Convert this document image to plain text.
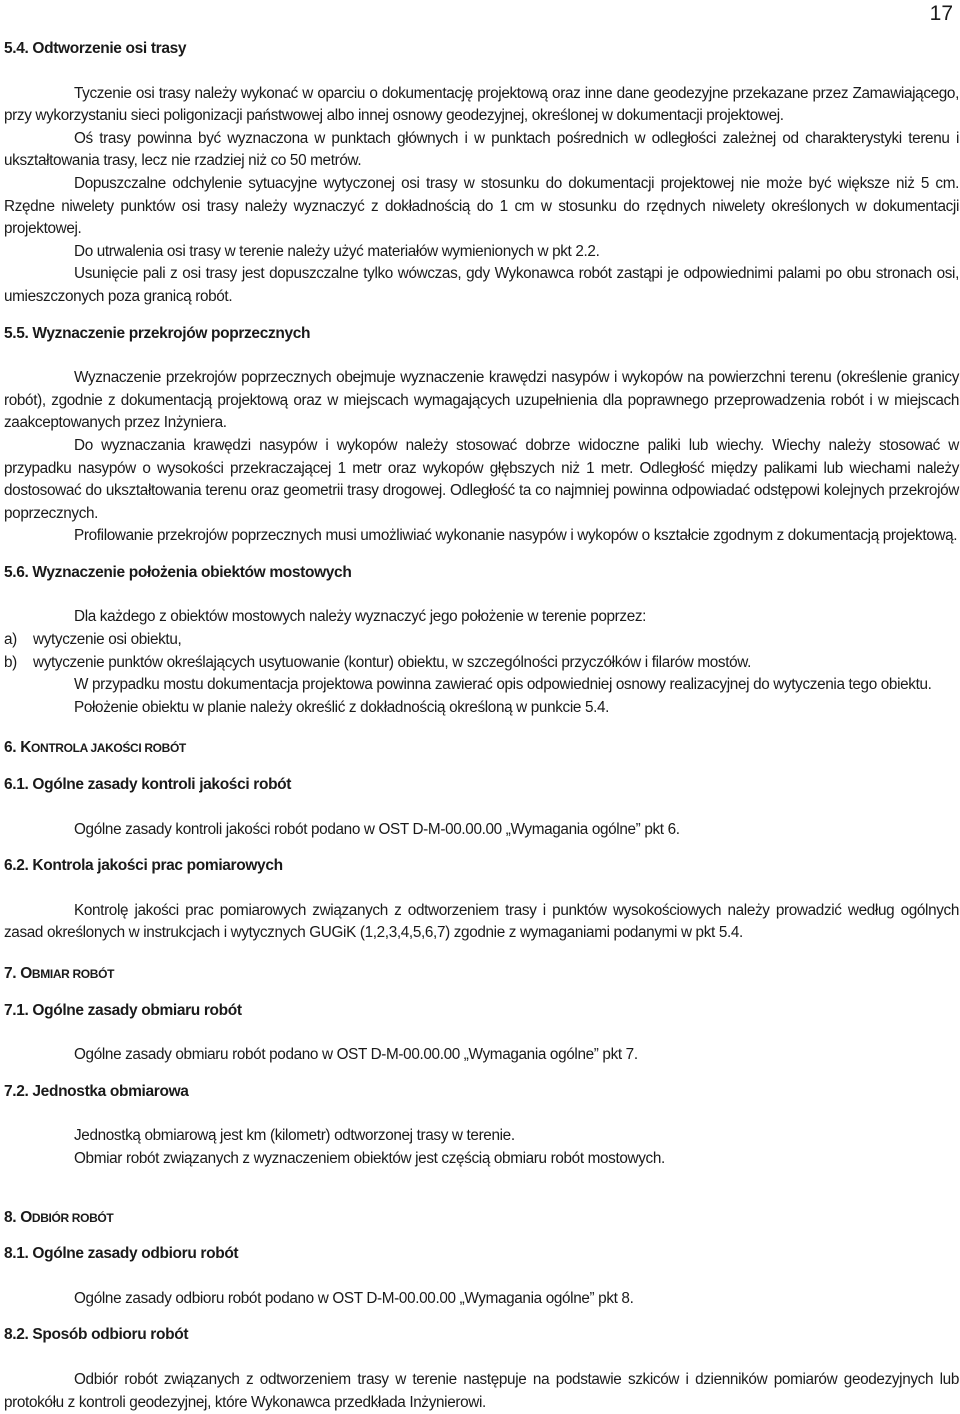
17
5.4. Odtworzenie osi trasy

Tyczenie osi trasy należy wykonać w oparciu o dokumentację projektową oraz inne dane geodezyjne przekazane przez Zamawiającego, przy wykorzystaniu sieci poligonizacji państwowej albo innej osnowy geodezyjnej, określonej w dokumentacji projektowej.

Oś trasy powinna być wyznaczona w punktach głównych i w punktach pośrednich w odległości zależnej od charakterystyki terenu i ukształtowania trasy, lecz nie rzadziej niż co 50 metrów.

Dopuszczalne odchylenie sytuacyjne wytyczonej osi trasy w stosunku do dokumentacji projektowej nie może być większe niż 5 cm. Rzędne niwelety punktów osi trasy należy wyznaczyć z dokładnością do 1 cm w stosunku do rzędnych niwelety określonych w dokumentacji projektowej.

Do utrwalenia osi trasy w terenie należy użyć materiałów wymienionych w pkt 2.2.

Usunięcie pali z osi trasy jest dopuszczalne tylko wówczas, gdy Wykonawca robót zastąpi je odpowiednimi palami po obu stronach osi, umieszczonych poza granicą robót.

5.5. Wyznaczenie przekrojów poprzecznych

Wyznaczenie przekrojów poprzecznych obejmuje wyznaczenie krawędzi nasypów i wykopów na powierzchni terenu (określenie granicy robót), zgodnie z dokumentacją projektową oraz w miejscach wymagających uzupełnienia dla poprawnego przeprowadzenia robót i w miejscach zaakceptowanych przez Inżyniera.

Do wyznaczania krawędzi nasypów i wykopów należy stosować dobrze widoczne paliki lub wiechy. Wiechy należy stosować w przypadku nasypów o wysokości przekraczającej 1 metr oraz wykopów głębszych niż 1 metr. Odległość między palikami lub wiechami należy dostosować do ukształtowania terenu oraz geometrii trasy drogowej. Odległość ta co najmniej powinna odpowiadać odstępowi kolejnych przekrojów poprzecznych.

Profilowanie przekrojów poprzecznych musi umożliwiać wykonanie nasypów i wykopów o kształcie zgodnym z dokumentacją projektową.

5.6. Wyznaczenie położenia obiektów mostowych

Dla każdego z obiektów mostowych należy wyznaczyć jego położenie w terenie poprzez:

a)	wytyczenie osi obiektu,
b)	wytyczenie punktów określających usytuowanie (kontur) obiektu, w szczególności przyczółków i filarów mostów.

W przypadku mostu dokumentacja projektowa powinna zawierać opis odpowiedniej osnowy realizacyjnej do wytyczenia tego obiektu.

Położenie obiektu w planie należy określić z dokładnością określoną w punkcie 5.4.

6. KONTROLA JAKOŚCI ROBÓT
6.1. Ogólne zasady kontroli jakości robót

Ogólne zasady kontroli jakości robót podano w OST D-M-00.00.00 „Wymagania ogólne” pkt 6.

6.2. Kontrola jakości prac pomiarowych

Kontrolę jakości prac pomiarowych związanych z odtworzeniem trasy i punktów wysokościowych należy prowadzić według ogólnych zasad określonych w instrukcjach i wytycznych GUGiK (1,2,3,4,5,6,7) zgodnie z wymaganiami podanymi w pkt 5.4.

7. OBMIAR ROBÓT
7.1. Ogólne zasady obmiaru robót

Ogólne zasady obmiaru robót podano w OST D-M-00.00.00 „Wymagania ogólne” pkt 7.

7.2. Jednostka obmiarowa

Jednostką obmiarową jest km (kilometr) odtworzonej trasy w terenie.

Obmiar robót związanych z wyznaczeniem obiektów jest częścią obmiaru robót mostowych.

8. ODBIÓR ROBÓT
8.1. Ogólne zasady odbioru robót

Ogólne zasady odbioru robót podano w OST D-M-00.00.00 „Wymagania ogólne” pkt 8.

8.2. Sposób odbioru robót

Odbiór robót związanych z odtworzeniem trasy w terenie następuje na podstawie szkiców i dzienników pomiarów geodezyjnych lub protokółu z kontroli geodezyjnej, które Wykonawca przedkłada Inżynierowi.
